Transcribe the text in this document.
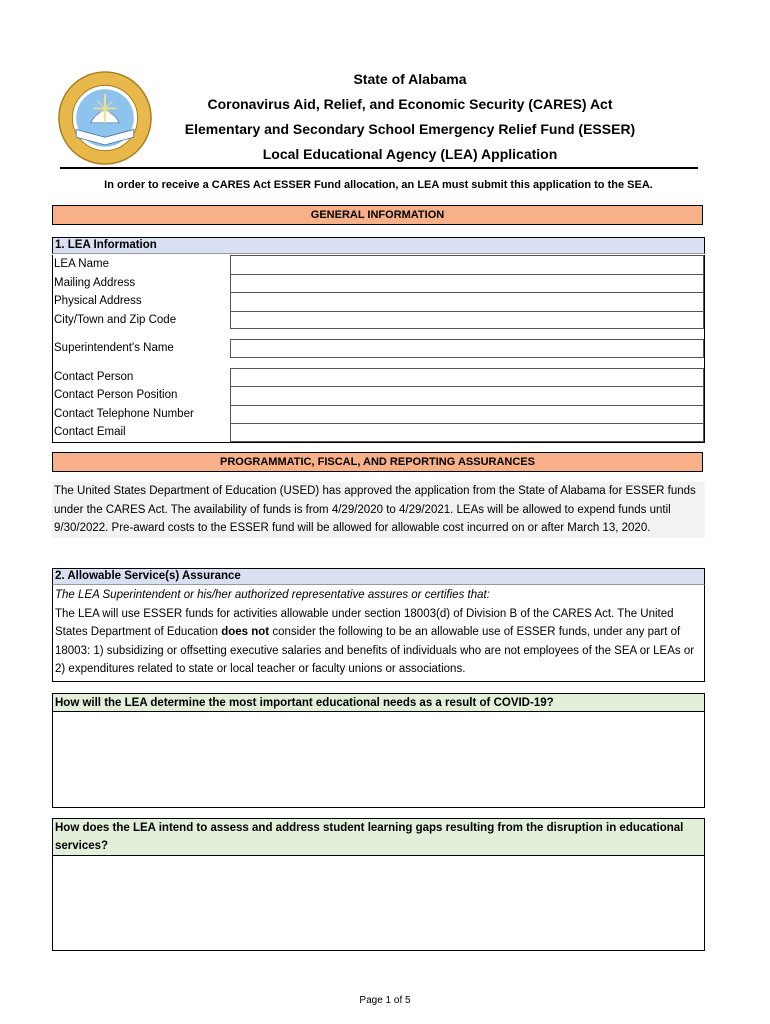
State of Alabama
Coronavirus Aid, Relief, and Economic Security (CARES) Act
Elementary and Secondary School Emergency Relief Fund (ESSER)
Local Educational Agency (LEA) Application
In order to receive a CARES Act ESSER Fund allocation, an LEA must submit this application to the SEA.
GENERAL INFORMATION
1. LEA Information
LEA Name
Mailing Address
Physical Address
City/Town and Zip Code
Superintendent's Name
Contact Person
Contact Person Position
Contact Telephone Number
Contact Email
PROGRAMMATIC, FISCAL, AND REPORTING ASSURANCES
The United States Department of Education (USED) has approved the application from the State of Alabama for ESSER funds under the CARES Act. The availability of funds is from 4/29/2020 to 4/29/2021. LEAs will be allowed to expend funds until 9/30/2022. Pre-award costs to the ESSER fund will be allowed for allowable cost incurred on or after March 13, 2020.
2. Allowable Service(s) Assurance
The LEA Superintendent or his/her authorized representative assures or certifies that:
The LEA will use ESSER funds for activities allowable under section 18003(d) of Division B of the CARES Act. The United States Department of Education does not consider the following to be an allowable use of ESSER funds, under any part of 18003: 1) subsidizing or offsetting executive salaries and benefits of individuals who are not employees of the SEA or LEAs or 2) expenditures related to state or local teacher or faculty unions or associations.
How will the LEA determine the most important educational needs as a result of COVID-19?
How does the LEA intend to assess and address student learning gaps resulting from the disruption in educational services?
Page 1 of 5
